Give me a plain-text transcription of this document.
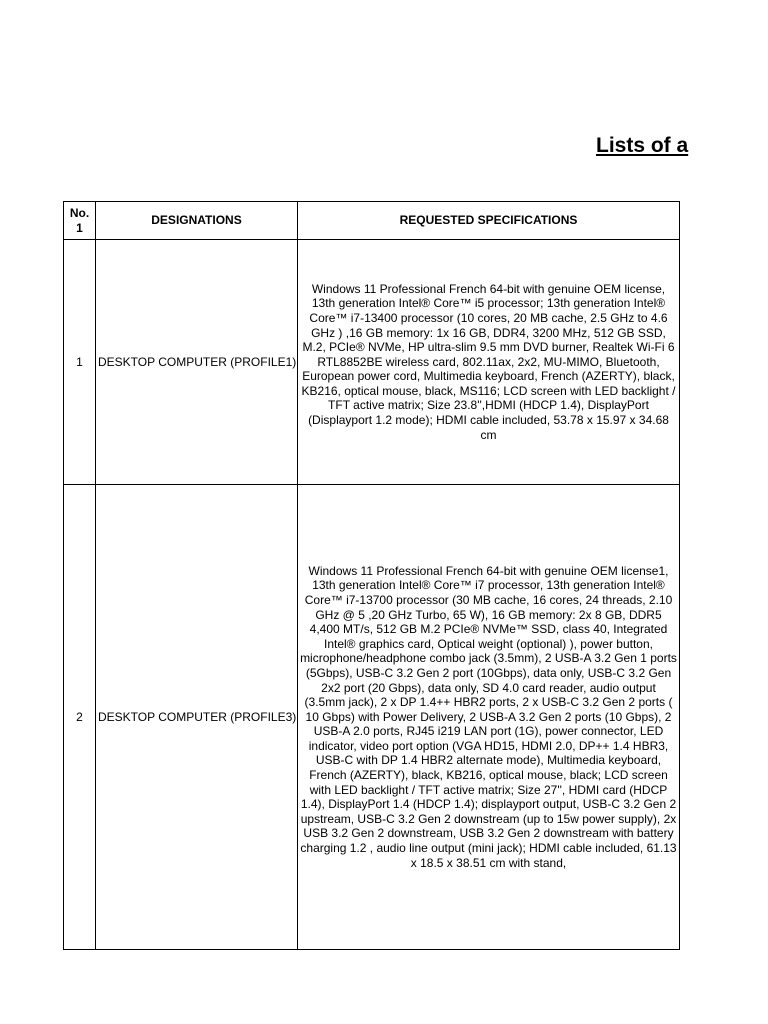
Lists of a
No. 1	DESIGNATIONS	REQUESTED SPECIFICATIONS
1	DESKTOP COMPUTER (PROFILE1)	Windows 11 Professional French 64-bit with genuine OEM license, 13th generation Intel® Core™ i5 processor; 13th generation Intel® Core™ i7-13400 processor (10 cores, 20 MB cache, 2.5 GHz to 4.6 GHz ) ,16 GB memory: 1x 16 GB, DDR4, 3200 MHz, 512 GB SSD, M.2, PCIe® NVMe, HP ultra-slim 9.5 mm DVD burner, Realtek Wi-Fi 6 RTL8852BE wireless card, 802.11ax, 2x2, MU-MIMO, Bluetooth, European power cord, Multimedia keyboard, French (AZERTY), black, KB216, optical mouse, black, MS116; LCD screen with LED backlight / TFT active matrix; Size 23.8'',HDMI (HDCP 1.4), DisplayPort (Displayport 1.2 mode); HDMI cable included, 53.78 x 15.97 x 34.68 cm
2	DESKTOP COMPUTER (PROFILE3)	Windows 11 Professional French 64-bit with genuine OEM license1, 13th generation Intel® Core™ i7 processor, 13th generation Intel® Core™ i7-13700 processor (30 MB cache, 16 cores, 24 threads, 2.10 GHz @ 5 ,20 GHz Turbo, 65 W), 16 GB memory: 2x 8 GB, DDR5 4,400 MT/s, 512 GB M.2 PCIe® NVMe™ SSD, class 40, Integrated Intel® graphics card, Optical weight (optional) ), power button, microphone/headphone combo jack (3.5mm), 2 USB-A 3.2 Gen 1 ports (5Gbps), USB-C 3.2 Gen 2 port (10Gbps), data only, USB-C 3.2 Gen 2x2 port (20 Gbps), data only, SD 4.0 card reader, audio output (3.5mm jack), 2 x DP 1.4++ HBR2 ports, 2 x USB-C 3.2 Gen 2 ports ( 10 Gbps) with Power Delivery, 2 USB-A 3.2 Gen 2 ports (10 Gbps), 2 USB-A 2.0 ports, RJ45 i219 LAN port (1G), power connector, LED indicator, video port option (VGA HD15, HDMI 2.0, DP++ 1.4 HBR3, USB-C with DP 1.4 HBR2 alternate mode), Multimedia keyboard, French (AZERTY), black, KB216, optical mouse, black; LCD screen with LED backlight / TFT active matrix; Size 27'', HDMI card (HDCP 1.4), DisplayPort 1.4 (HDCP 1.4); displayport output, USB-C 3.2 Gen 2 upstream, USB-C 3.2 Gen 2 downstream (up to 15w power supply), 2x USB 3.2 Gen 2 downstream, USB 3.2 Gen 2 downstream with battery charging 1.2 , audio line output (mini jack); HDMI cable included, 61.13 x 18.5 x 38.51 cm with stand,
